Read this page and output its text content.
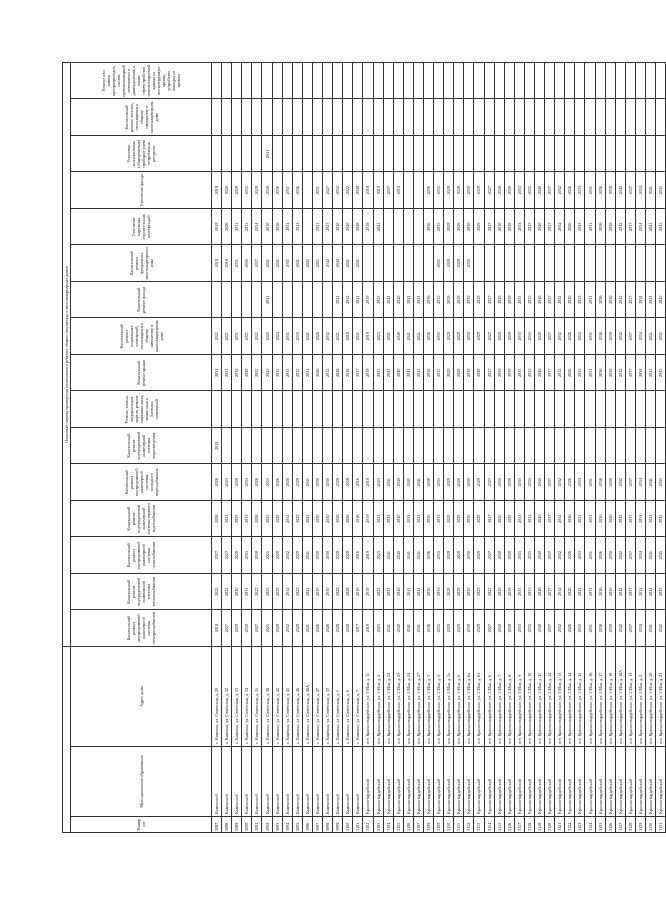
			Плановый период проведения капитального ремонта общего имущества в многоквартирных домах															
Номер п/п	Муниципальное образование	Адрес дома	Капитальный ремонт внутридомовой инженерной системы электроснабжения	Капитальный ремонт внутридомовой инженерной системы теплоснабжения	Капитальный ремонт внутридомовой инженерной системы газоснабжения	Капитальный ремонт внутридомовой инженерной системы горячего водоснабжения	Капитальный ремонт внутридомовой инженерной системы холодного водоснабжения	Капитальный ремонт внутридомовой инженерной системы водоотведения	Ремонт, замена, модернизация лифтов, ремонт лифтовых шахт, машинных и блочных помещений	Капитальный ремонт крыши	Капитальный ремонт подвальных помещений, относящихся к общему имуществу в многоквартирном доме	Капитальный ремонт фасада	Капитальный ремонт фундамента многоквартирного дома	Утепление наружных строительных конструкций	Утепление фасада	Установка коллективных (общедомовых) приборов учета потребления ресурсов	Капитальный ремонт лестниц, относящихся к общему имуществу в многоквартирном доме	Ремонт или замена мусоропроводов, систем противопожарной автоматики и дымоудаления, а также переустройство невентилируемой крыши на вентилируемую крышу, устройство выходов на кровлю
3087	Каменский	с. Каменка, ул. Советская, д. 29	2018	2022	2027	2026	2026	2018		2031	2021		2018	2019	2018			
3088	Каменский	с. Каменка, ул. Советская, д. 32	2027	2022	2027	2023	2023			2021	2021		2018	2026	2020			
3089	Каменский	с. Каменка, ул. Советская, д. 33	2029	2040	2029	2029	2029			2032	2031		2031	2031	2029			
3090	Каменский	с. Каменка, ул. Советская, д. 34	2030	2033	2033	2033	2033			2029	2021		2030	2033	2035			
3091	Каменский	с. Каменка, ул. Советская, д. 35	2027	2027	2030	2026	2026			2022	2021		2037	2034	2029			
3092	Каменский	с. Каменка, ул. Советская, д. 38	2025	2025	2025	2025	2025			2025	2025	2031	2041	2030	2030	2031		
3093	Каменский	с. Каменка, ул. Советская, д. 42	2029	2029	2029	2029	2026			2032	2024		2041	2036	2036			
3094	Каменский	с. Каменка, ул. Советская, д. 45	2032	2032	2032	2032	2028			2031	2031		2031	2031	2031			
3095	Каменский	с. Каменка, ул. Советская, д. 46	2029	2029	2029	2029	2029			2032	2033		2041	2041	2036			
3096	Каменский	с. Каменка, ул. Советская, д. 46А	2041	2041	2041	2041	2041			2041	2041		2045					
3097	Каменский	с. Каменка, ул. Советская, д. 47	2026	2030	2030	2030	2030			2026	2026		2021	2031	2031			
3098	Каменский	с. Каменка, ул. Советская, д. 50	2026	2030	2030	2030	2030			2032	2032		2042	2027	2027			
3099	Каменский	с. Каменка, ул. Советская, д. 5	2028	2028	2028	2028	2028			2028	2021	2021	2042	2030	2032			
3100	Каменский	с. Каменка, ул. Советская, д. 6	2028	2028	2028	2028	2028			2018	2018	2032	2041	2040	2022			
3101	Каменский	с. Каменка, ул. Советская, д. 7	2017	2016	2016	2016	2016			2017	2041	2041	2041	2048	2048			
3102	Красногвардейский	пгт. Красногвардейское, ул. 1 Мая, д. 11	2019	2019	2019	2019	2019			2019	2019	2019		2018	2018			
3103	Красногвардейский	пгт. Красногвардейское, ул. 1 Мая, д. 2	2023	2023	2023	2023	2023			2023	2023	2023		2041	2019			
3104	Красногвардейский	пгт. Красногвардейское, ул. 1 Мая, д. 22	2041	2041	2041	2041	2041			2041	2041	2041			2037			
3105	Красногвардейский	пгт. Красногвардейское, ул. 1 Мая, д. 23	2040	2040	2040	2040	2040			2040	2040	2040			2018			
3106	Красногвардейский	пгт. Красногвардейское, ул. 1 Мая, д. 24	2041	2041	2041	2041	2041			2041	2041	2041						
3107	Красногвардейский	пгт. Красногвардейское, ул. 1 Мая, д. 27	2041	2041	2041	2041	2041			2041	2041	2041						
3108	Красногвардейский	пгт. Красногвардейское, ул. 1 Мая, д. 3	2036	2036	2036	2036	2036			2036	2036	2036		2036	2036			
3109	Красногвардейский	пгт. Красногвардейское, ул. 1 Мая, д. 5	2035	2035	2035	2035	2035			2035	2035	2035	2035	2035	2035			
3110	Красногвардейский	пгт. Красногвардейское, ул. 1 Мая, д. 5а	2029	2029	2029	2029	2029			2029	2029	2029	2029	2029	2029			
3111	Красногвардейский	пгт. Красногвардейское, ул. 1 Мая, д. 6	2029	2029	2029	2029	2029			2029	2029	2029	2029	2029	2029			
3112	Красногвардейский	пгт. Красногвардейское, ул. 1 Мая, д. 6а	2030	2030	2030	2030	2030			2030	2030	2030	2030	2030	2030			
3113	Красногвардейский	пгт. Красногвардейское, ул. 1 Мая, д. 61	2029	2029	2029	2029	2029			2029	2029	2029		2029	2029			
3114	Красногвардейский	пгт. Красногвардейское, ул. 1 Мая, д. 6	2027	2027	2027	2027	2027			2027	2027	2027		2027	2027			
3115	Красногвардейский	пгт. Красногвардейское, ул. 1 Мая, д. 7	2030	2030	2030	2030	2030			2030	2030	2030		2030	2030			
3116	Красногвардейский	пгт. Красногвардейское, ул. 1 Мая, д. 8	2039	2039	2039	2039	2039			2039	2039	2039		2039	2039			
3117	Красногвардейский	пгт. Красногвардейское, ул. 1 Мая, д. 9	2033	2033	2033	2033	2033			2033	2033	2033		2033	2033			
3118	Красногвардейский	пгт. Красногвардейское, ул. 1 Мая, д. 10	2035	2035	2035	2035	2035			2035	2035	2035		2035	2035			
3119	Красногвардейский	пгт. Красногвардейское, ул. 1 Мая, д. 11	2040	2040	2040	2040	2040			2040	2040	2040		2040	2040			
3120	Красногвардейский	пгт. Красногвардейское, ул. 1 Мая, д. 12	2037	2037	2037	2037	2037			2037	2037	2037		2037	2037			
3121	Красногвардейский	пгт. Красногвардейское, ул. 1 Мая, д. 13	2032	2032	2032	2032	2032			2032	2032	2032		2032	2032			
3122	Красногвардейский	пгт. Красногвардейское, ул. 1 Мая, д. 14	2026	2026	2026	2026	2026			2026	2026	2026		2026	2026			
3123	Красногвардейский	пгт. Красногвардейское, ул. 1 Мая, д. 15	2033	2033	2033	2033	2033			2033	2033	2033		2033	2033			
3124	Красногвардейский	пгт. Красногвардейское, ул. 1 Мая, д. 16	2031	2031	2031	2031	2031			2031	2031	2031		2031	2031			
3125	Красногвардейский	пгт. Красногвардейское, ул. 1 Мая, д. 17	2036	2036	2036	2036	2036			2036	2036	2036		2036	2036			
3126	Красногвардейский	пгт. Красногвардейское, ул. 1 Мая, д. 18	2030	2030	2030	2030	2030			2030	2030	2030		2030	2030			
3127	Красногвардейский	пгт. Красногвардейское, ул. 1 Мая, д. 18А	2042	2042	2042	2042	2042			2042	2042	2042		2042	2042			
3128	Красногвардейский	пгт. Красногвардейское, ул. 1 Мая, д. 19	2037	2037	2037	2037	2037			2037	2037	2037		2037	2037			
3129	Красногвардейский	пгт. Красногвардейское, ул. 1 Мая, д. 2	2034	2034	2034	2034	2034			2034	2034	2034		2034	2034			
3130	Красногвардейский	пгт. Красногвардейское, ул. 1 Мая, д. 20	2041	2041	2041	2041	2041			2041	2041	2041		2041	2041			
3131	Красногвардейский	пгт. Красногвардейское, ул. 1 Мая, д. 21	2045	2045	2045	2045	2045			2045	2045	2045		2045	2045			
